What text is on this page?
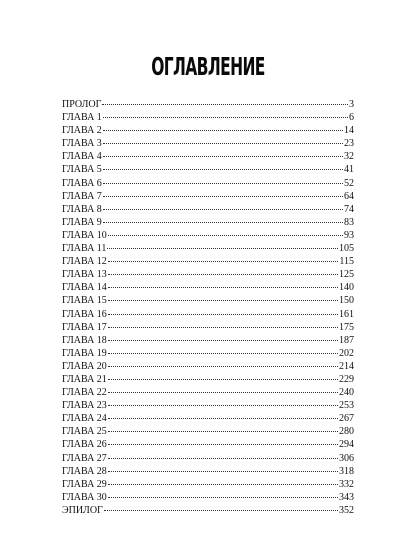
ОГЛАВЛЕНИЕ
ПРОЛОГ	3
ГЛАВА 1	6
ГЛАВА 2	14
ГЛАВА 3	23
ГЛАВА 4	32
ГЛАВА 5	41
ГЛАВА 6	52
ГЛАВА 7	64
ГЛАВА 8	74
ГЛАВА 9	83
ГЛАВА 10	93
ГЛАВА 11	105
ГЛАВА 12	115
ГЛАВА 13	125
ГЛАВА 14	140
ГЛАВА 15	150
ГЛАВА 16	161
ГЛАВА 17	175
ГЛАВА 18	187
ГЛАВА 19	202
ГЛАВА 20	214
ГЛАВА 21	229
ГЛАВА 22	240
ГЛАВА 23	253
ГЛАВА 24	267
ГЛАВА 25	280
ГЛАВА 26	294
ГЛАВА 27	306
ГЛАВА 28	318
ГЛАВА 29	332
ГЛАВА 30	343
ЭПИЛОГ	352
